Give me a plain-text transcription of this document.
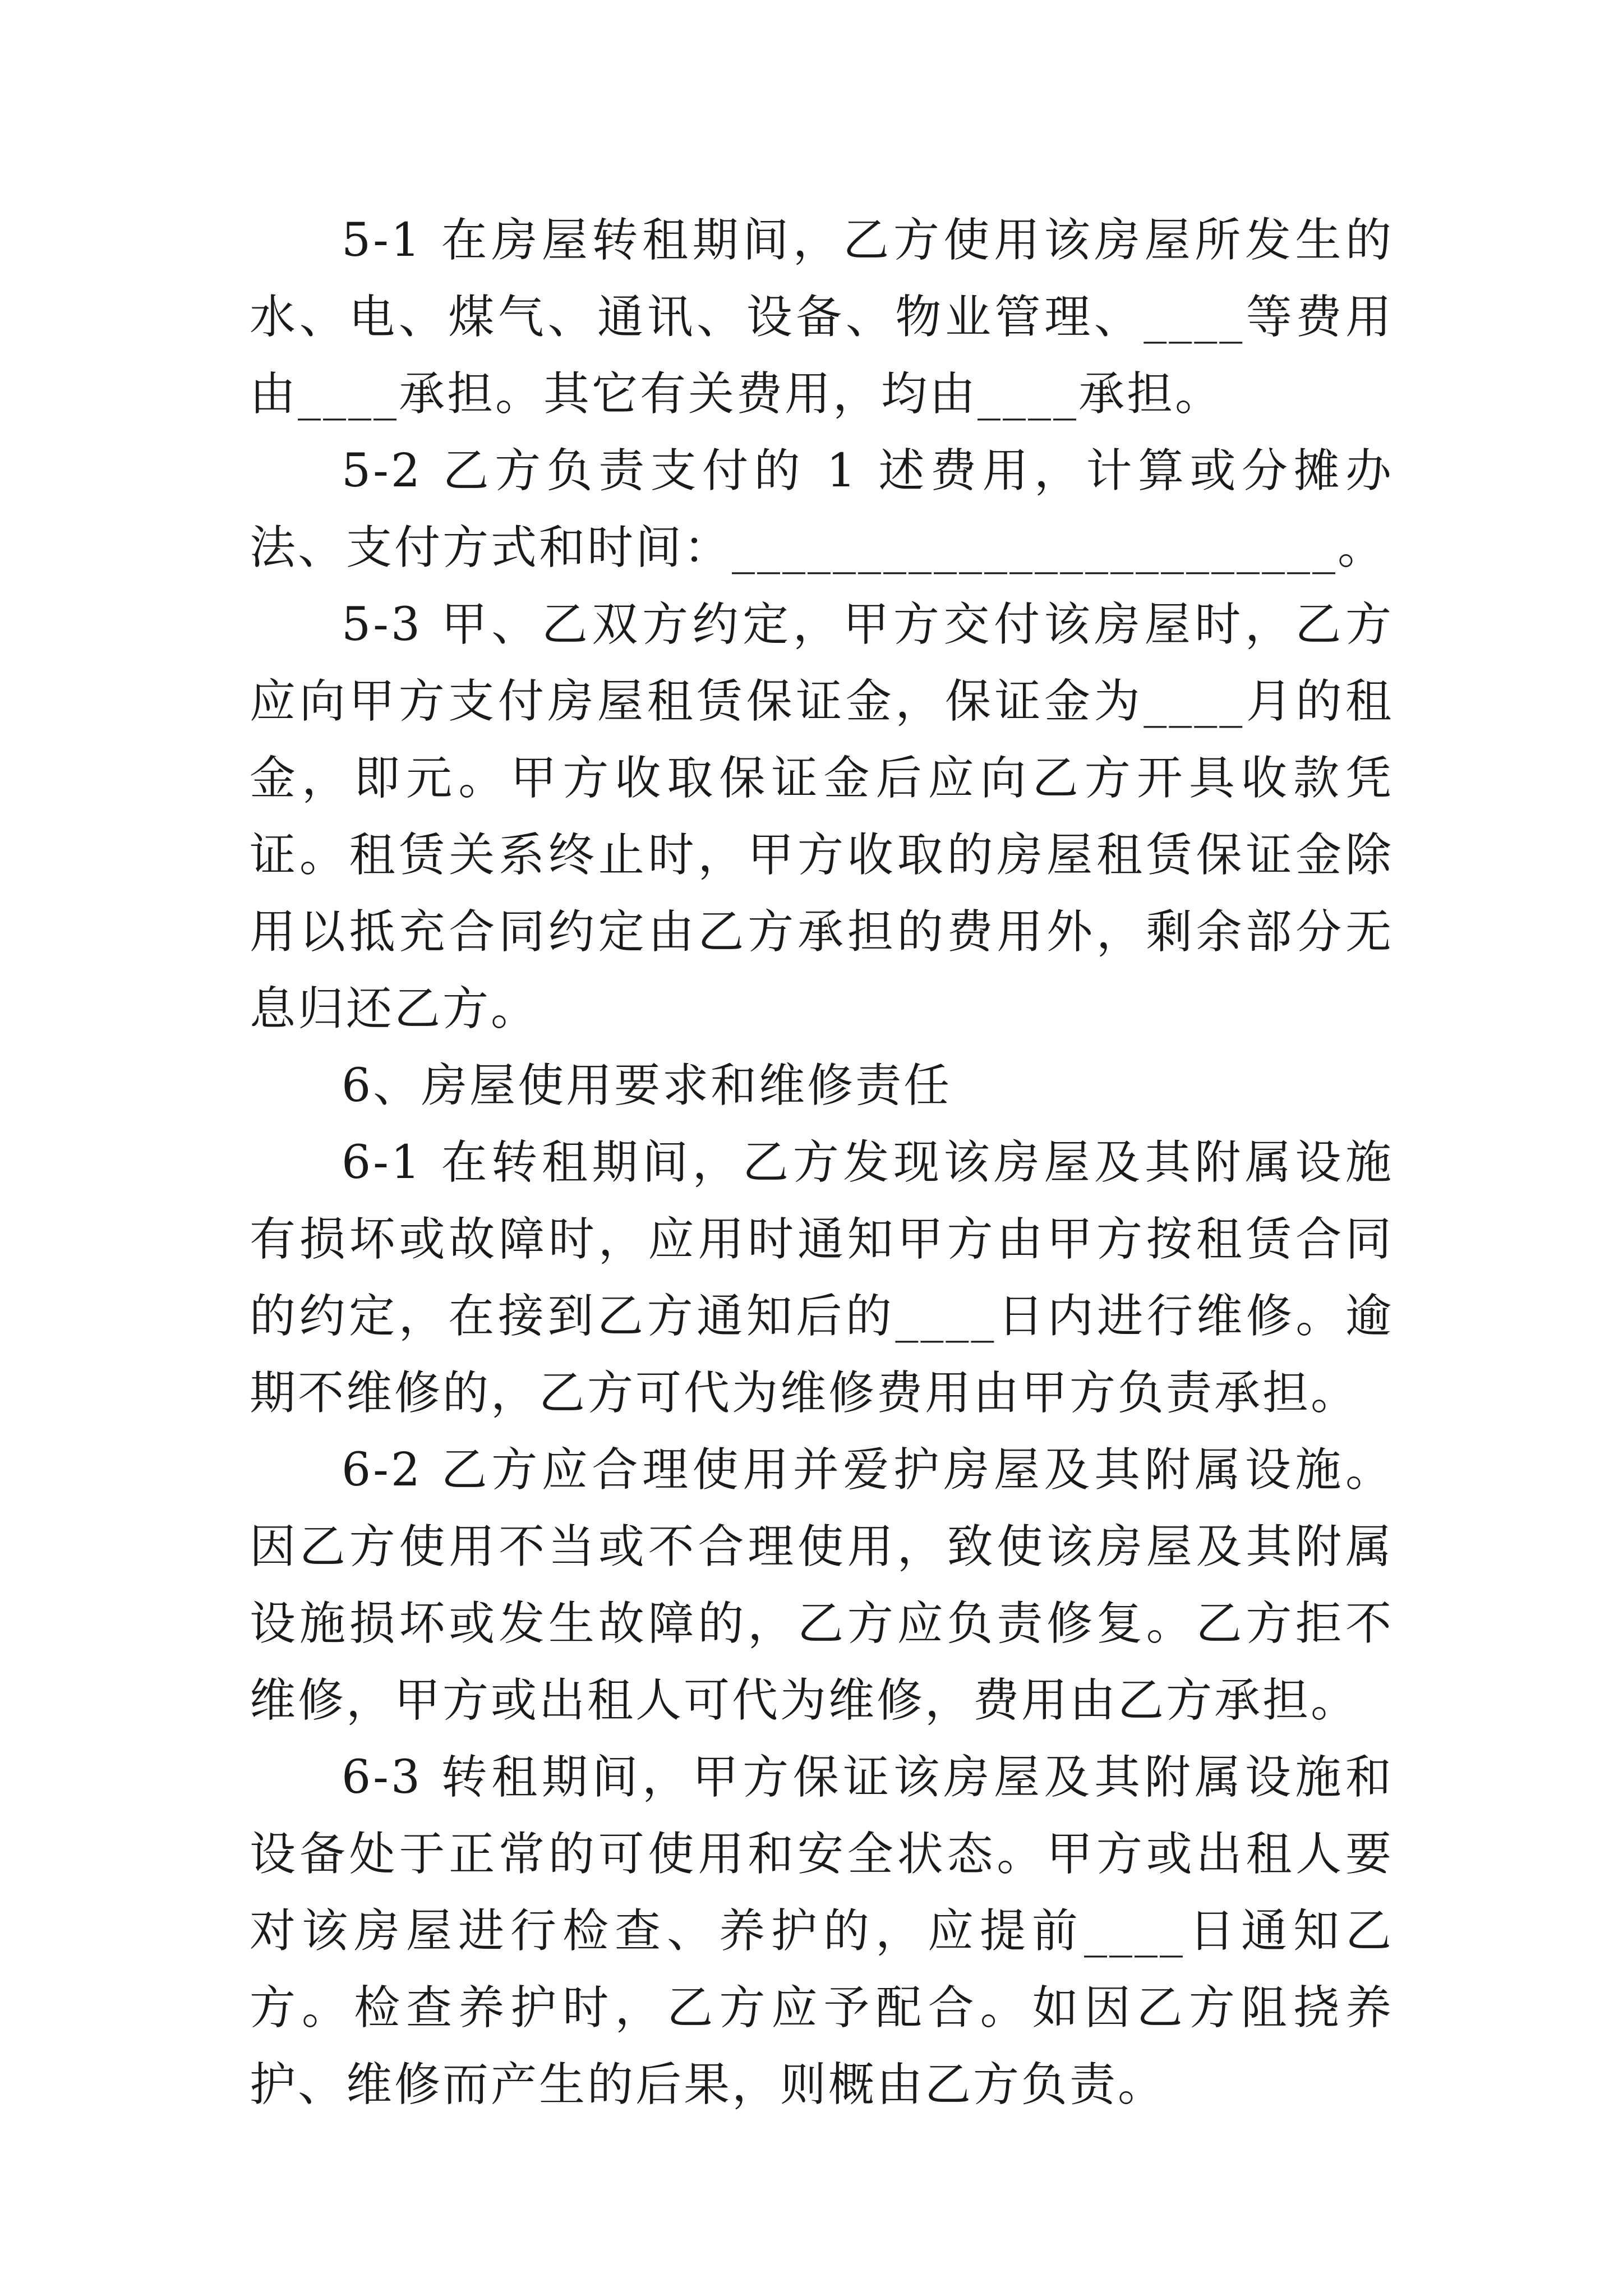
5-1 在房屋转租期间，乙方使用该房屋所发生的水、电、煤气、通讯、设备、物业管理、____等费用由____承担。其它有关费用，均由____承担。

5-2 乙方负责支付的 1 述费用，计算或分摊办法、支付方式和时间：________________________。

5-3 甲、乙双方约定，甲方交付该房屋时，乙方应向甲方支付房屋租赁保证金，保证金为____月的租金，即元。甲方收取保证金后应向乙方开具收款凭证。租赁关系终止时，甲方收取的房屋租赁保证金除用以抵充合同约定由乙方承担的费用外，剩余部分无息归还乙方。

6、房屋使用要求和维修责任

6-1 在转租期间，乙方发现该房屋及其附属设施有损坏或故障时，应用时通知甲方由甲方按租赁合同的约定，在接到乙方通知后的____日内进行维修。逾期不维修的，乙方可代为维修费用由甲方负责承担。

6-2 乙方应合理使用并爱护房屋及其附属设施。因乙方使用不当或不合理使用，致使该房屋及其附属设施损坏或发生故障的，乙方应负责修复。乙方拒不维修，甲方或出租人可代为维修，费用由乙方承担。

6-3 转租期间，甲方保证该房屋及其附属设施和设备处于正常的可使用和安全状态。甲方或出租人要对该房屋进行检查、养护的，应提前____日通知乙方。检查养护时，乙方应予配合。如因乙方阻挠养护、维修而产生的后果，则概由乙方负责。
